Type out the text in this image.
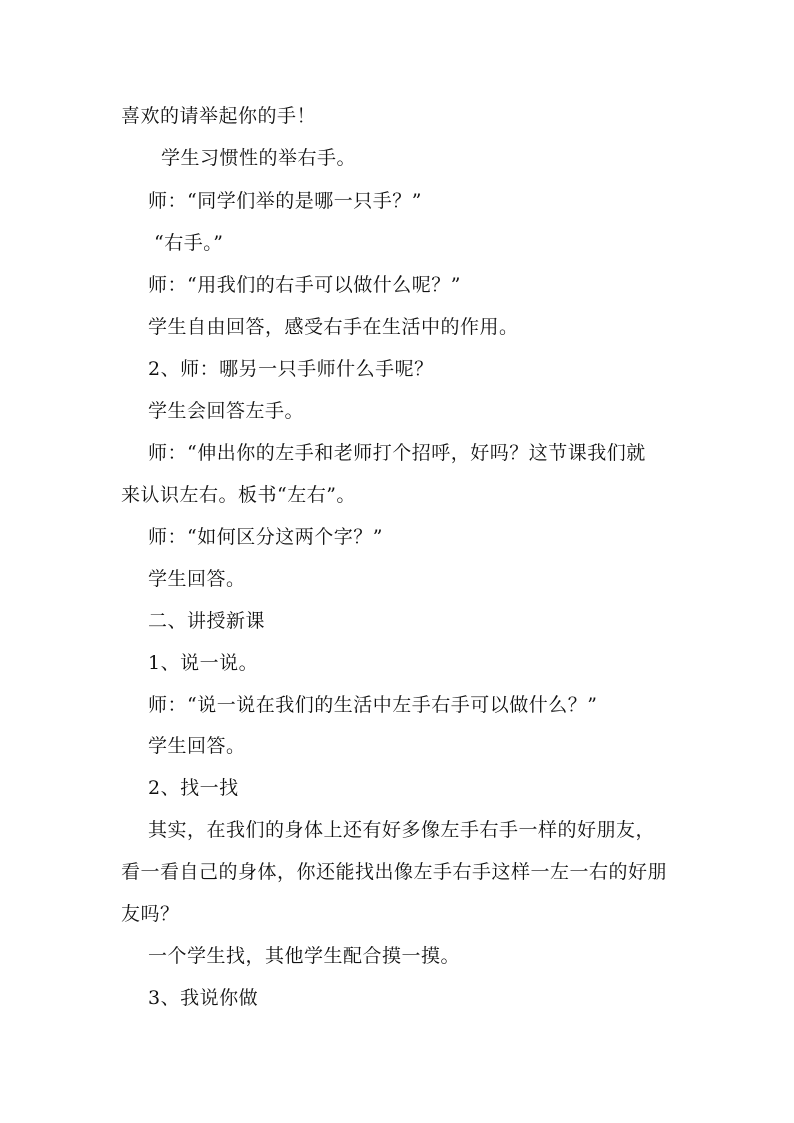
喜欢的请举起你的手！
学生习惯性的举右手。
师：“同学们举的是哪一只手？”
“右手。”
师：“用我们的右手可以做什么呢？”
学生自由回答，感受右手在生活中的作用。
2、师：哪另一只手师什么手呢？
学生会回答左手。
师：“伸出你的左手和老师打个招呼，好吗？这节课我们就
来认识左右。板书“左右”。
师：“如何区分这两个字？”
学生回答。
二、讲授新课
1、说一说。
师：“说一说在我们的生活中左手右手可以做什么？”
学生回答。
2、找一找
其实，在我们的身体上还有好多像左手右手一样的好朋友，
看一看自己的身体，你还能找出像左手右手这样一左一右的好朋
友吗？
一个学生找，其他学生配合摸一摸。
3、我说你做
